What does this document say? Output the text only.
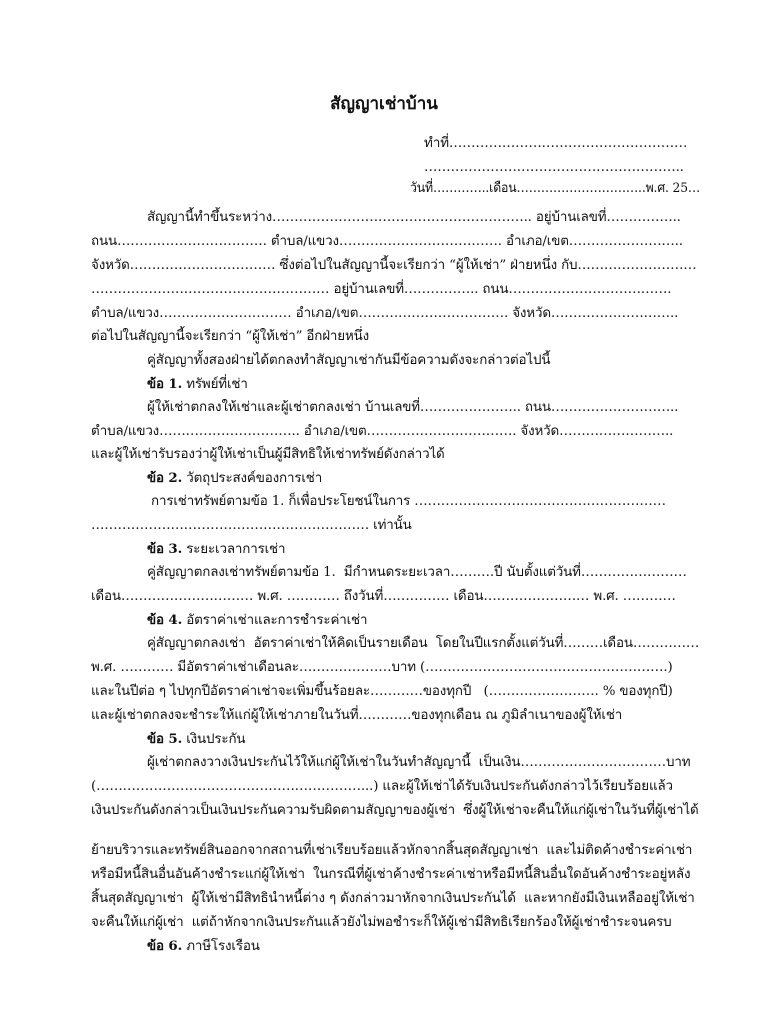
สัญญาเช่าบ้าน
ทำที่………………………………………………
…………………………………………………..
วันที่…………..เดือน…………………………..พ.ศ. 25…
สัญญานี้ทำขึ้นระหว่าง………………………………………………….. อยู่บ้านเลขที่……………..
ถนน……………………………. ตำบล/แขวง………………………………. อำเภอ/เขต……………………..
จังหวัด…………………………… ซึ่งต่อไปในสัญญานี้จะเรียกว่า “ผู้ให้เช่า” ฝ่ายหนึ่ง กับ………………………
……………………………………………… อยู่บ้านเลขที่…………….. ถนน……………………………….
ตำบล/แขวง………………………… อำเภอ/เขต……………………………. จังหวัด………………………..
ต่อไปในสัญญานี้จะเรียกว่า “ผู้ให้เช่า” อีกฝ่ายหนึ่ง
คู่สัญญาทั้งสองฝ่ายได้ตกลงทำสัญญาเช่ากันมีข้อความดังจะกล่าวต่อไปนี้
ข้อ 1. ทรัพย์ที่เช่า
ผู้ให้เช่าตกลงให้เช่าและผู้เช่าตกลงเช่า บ้านเลขที่………………….. ถนน………………………..
ตำบล/แขวง………………………….. อำเภอ/เขต……………………………. จังหวัด……………………..
และผู้ให้เช่ารับรองว่าผู้ให้เช่าเป็นผู้มีสิทธิให้เช่าทรัพย์ดังกล่าวได้
ข้อ 2. วัตถุประสงค์ของการเช่า
การเช่าทรัพย์ตามข้อ 1. ก็เพื่อประโยชน์ในการ …………………………………………………
……………………………………………………… เท่านั้น
ข้อ 3. ระยะเวลาการเช่า
คู่สัญญาตกลงเช่าทรัพย์ตามข้อ 1.  มีกำหนดระยะเวลา……….ปี นับตั้งแต่วันที่……………………
เดือน………………………… พ.ศ. ………… ถึงวันที่…………… เดือน…………………… พ.ศ. …………
ข้อ 4. อัตราค่าเช่าและการชำระค่าเช่า
คู่สัญญาตกลงเช่า  อัตราค่าเช่าให้คิดเป็นรายเดือน  โดยในปีแรกตั้งแต่วันที่………เดือน……………
พ.ศ. ………… มีอัตราค่าเช่าเดือนละ…………………บาท (……………………………………………….)
และในปีต่อ ๆ ไปทุกปีอัตราค่าเช่าจะเพิ่มขึ้นร้อยละ…………ของทุกปี   (……………………. % ของทุกปี)
และผู้เช่าตกลงจะชำระให้แก่ผู้ให้เช่าภายในวันที่…………ของทุกเดือน ณ ภูมิลำเนาของผู้ให้เช่า
ข้อ 5. เงินประกัน
ผู้เช่าตกลงวางเงินประกันไว้ให้แก่ผู้ให้เช่าในวันทำสัญญานี้  เป็นเงิน……………………………บาท
(……………………………………………………...) และผู้ให้เช่าได้รับเงินประกันดังกล่าวไว้เรียบร้อยแล้ว
เงินประกันดังกล่าวเป็นเงินประกันความรับผิดตามสัญญาของผู้เช่า  ซึ่งผู้ให้เช่าจะคืนให้แก่ผู้เช่าในวันที่ผู้เช่าได้
ย้ายบริวารและทรัพย์สินออกจากสถานที่เช่าเรียบร้อยแล้วหักจากสิ้นสุดสัญญาเช่า  และไม่ติดค้างชำระค่าเช่า
หรือมีหนี้สินอื่นอันค้างชำระแก่ผู้ให้เช่า  ในกรณีที่ผู้เช่าค้างชำระค่าเช่าหรือมีหนี้สินอื่นใดอันค้างชำระอยู่หลัง
สิ้นสุดสัญญาเช่า  ผู้ให้เช่ามีสิทธินำหนี้ต่าง ๆ ดังกล่าวมาหักจากเงินประกันได้  และหากยังมีเงินเหลืออยู่ให้เช่า
จะคืนให้แก่ผู้เช่า  แต่ถ้าหักจากเงินประกันแล้วยังไม่พอชำระก็ให้ผู้เช่ามีสิทธิเรียกร้องให้ผู้เช่าชำระจนครบ
ข้อ 6. ภาษีโรงเรือน
